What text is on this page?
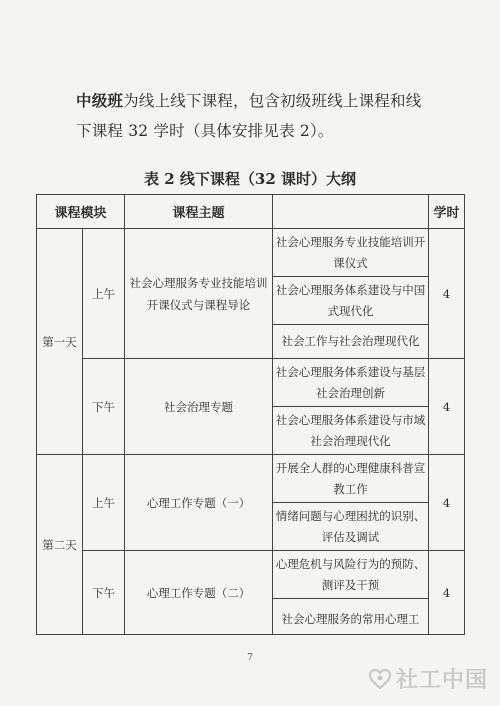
中级班为线上线下课程，包含初级班线上课程和线下课程 32 学时（具体安排见表 2）。
表 2 线下课程（32 课时）大纲
课程模块		课程主题		学时
第一天	上午	社会心理服务专业技能培训开课仪式与课程导论	社会心理服务专业技能培训开课仪式	4
			社会心理服务体系建设与中国式现代化	
			社会工作与社会治理现代化	
	下午	社会治理专题	社会心理服务体系建设与基层社会治理创新	4
			社会心理服务体系建设与市域社会治理现代化	
第二天	上午	心理工作专题（一）	开展全人群的心理健康科普宣教工作	4
			情绪问题与心理困扰的识别、评估及调试	
	下午	心理工作专题（二）	心理危机与风险行为的预防、测评及干预	4
			社会心理服务的常用心理工	
7
社工中国
